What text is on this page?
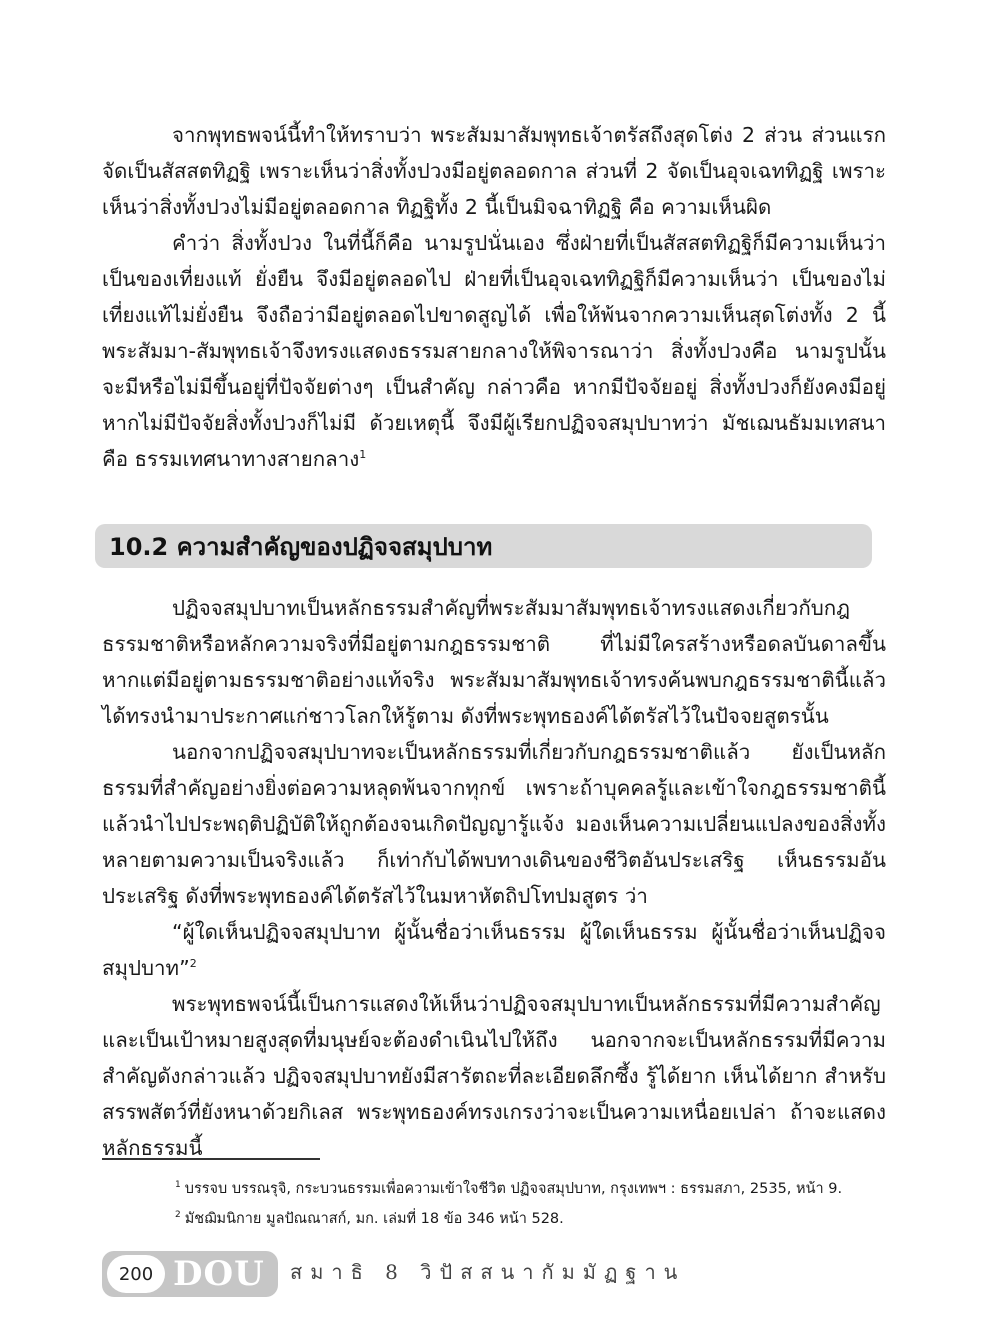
จากพุทธพจน์นี้ทำให้ทราบว่า พระสัมมาสัมพุทธเจ้าตรัสถึงสุดโต่ง 2 ส่วน ส่วนแรก จัดเป็นสัสสตทิฏฐิ เพราะเห็นว่าสิ่งทั้งปวงมีอยู่ตลอดกาล ส่วนที่ 2 จัดเป็นอุจเฉททิฏฐิ เพราะเห็นว่าสิ่งทั้งปวงไม่มีอยู่ตลอดกาล ทิฏฐิทั้ง 2 นี้เป็นมิจฉาทิฏฐิ คือ ความเห็นผิด

คำว่า สิ่งทั้งปวง ในที่นี้ก็คือ นามรูปนั่นเอง ซึ่งฝ่ายที่เป็นสัสสตทิฏฐิก็มีความเห็นว่าเป็นของเที่ยงแท้ ยั่งยืน จึงมีอยู่ตลอดไป ฝ่ายที่เป็นอุจเฉททิฏฐิก็มีความเห็นว่า เป็นของไม่เที่ยงแท้ไม่ยั่งยืน จึงถือว่ามีอยู่ตลอดไปขาดสูญได้ เพื่อให้พ้นจากความเห็นสุดโต่งทั้ง 2 นี้ พระสัมมา-สัมพุทธเจ้าจึงทรงแสดงธรรมสายกลางให้พิจารณาว่า สิ่งทั้งปวงคือ นามรูปนั้นจะมีหรือไม่มีขึ้นอยู่ที่ปัจจัยต่างๆ เป็นสำคัญ กล่าวคือ หากมีปัจจัยอยู่ สิ่งทั้งปวงก็ยังคงมีอยู่ หากไม่มีปัจจัยสิ่งทั้งปวงก็ไม่มี ด้วยเหตุนี้ จึงมีผู้เรียกปฏิจจสมุปบาทว่า มัชเฌนธัมมเทสนา คือ ธรรมเทศนาทางสายกลาง$^1$

10.2 ความสำคัญของปฏิจจสมุปบาท

ปฏิจจสมุปบาทเป็นหลักธรรมสำคัญที่พระสัมมาสัมพุทธเจ้าทรงแสดงเกี่ยวกับกฎธรรมชาติหรือหลักความจริงที่มีอยู่ตามกฎธรรมชาติ ที่ไม่มีใครสร้างหรือดลบันดาลขึ้น หากแต่มีอยู่ตามธรรมชาติอย่างแท้จริง พระสัมมาสัมพุทธเจ้าทรงค้นพบกฎธรรมชาตินี้แล้วได้ทรงนำมาประกาศแก่ชาวโลกให้รู้ตาม ดังที่พระพุทธองค์ได้ตรัสไว้ในปัจจยสูตรนั้น

นอกจากปฏิจจสมุปบาทจะเป็นหลักธรรมที่เกี่ยวกับกฎธรรมชาติแล้ว ยังเป็นหลักธรรมที่สำคัญอย่างยิ่งต่อความหลุดพ้นจากทุกข์ เพราะถ้าบุคคลรู้และเข้าใจกฎธรรมชาตินี้แล้วนำไปประพฤติปฏิบัติให้ถูกต้องจนเกิดปัญญารู้แจ้ง มองเห็นความเปลี่ยนแปลงของสิ่งทั้งหลายตามความเป็นจริงแล้ว ก็เท่ากับได้พบทางเดินของชีวิตอันประเสริฐ เห็นธรรมอันประเสริฐ ดังที่พระพุทธองค์ได้ตรัสไว้ในมหาหัตถิปโทปมสูตร ว่า

“ผู้ใดเห็นปฏิจจสมุปบาท ผู้นั้นชื่อว่าเห็นธรรม ผู้ใดเห็นธรรม ผู้นั้นชื่อว่าเห็นปฏิจจสมุปบาท”$^2$

พระพุทธพจน์นี้เป็นการแสดงให้เห็นว่าปฏิจจสมุปบาทเป็นหลักธรรมที่มีความสำคัญและเป็นเป้าหมายสูงสุดที่มนุษย์จะต้องดำเนินไปให้ถึง นอกจากจะเป็นหลักธรรมที่มีความสำคัญดังกล่าวแล้ว ปฏิจจสมุปบาทยังมีสารัตถะที่ละเอียดลึกซึ้ง รู้ได้ยาก เห็นได้ยาก สำหรับสรรพสัตว์ที่ยังหนาด้วยกิเลส พระพุทธองค์ทรงเกรงว่าจะเป็นความเหนื่อยเปล่า ถ้าจะแสดงหลักธรรมนี้

$^1$ บรรจบ บรรณรุจิ, กระบวนธรรมเพื่อความเข้าใจชีวิต ปฏิจจสมุปบาท, กรุงเทพฯ : ธรรมสภา, 2535, หน้า 9.

$^2$ มัชฌิมนิกาย มูลปัณณาสก์, มก. เล่มที่ 18 ข้อ 346 หน้า 528.

200 DOU สมาธิ 8 วิปัสสนากัมมัฏฐาน
